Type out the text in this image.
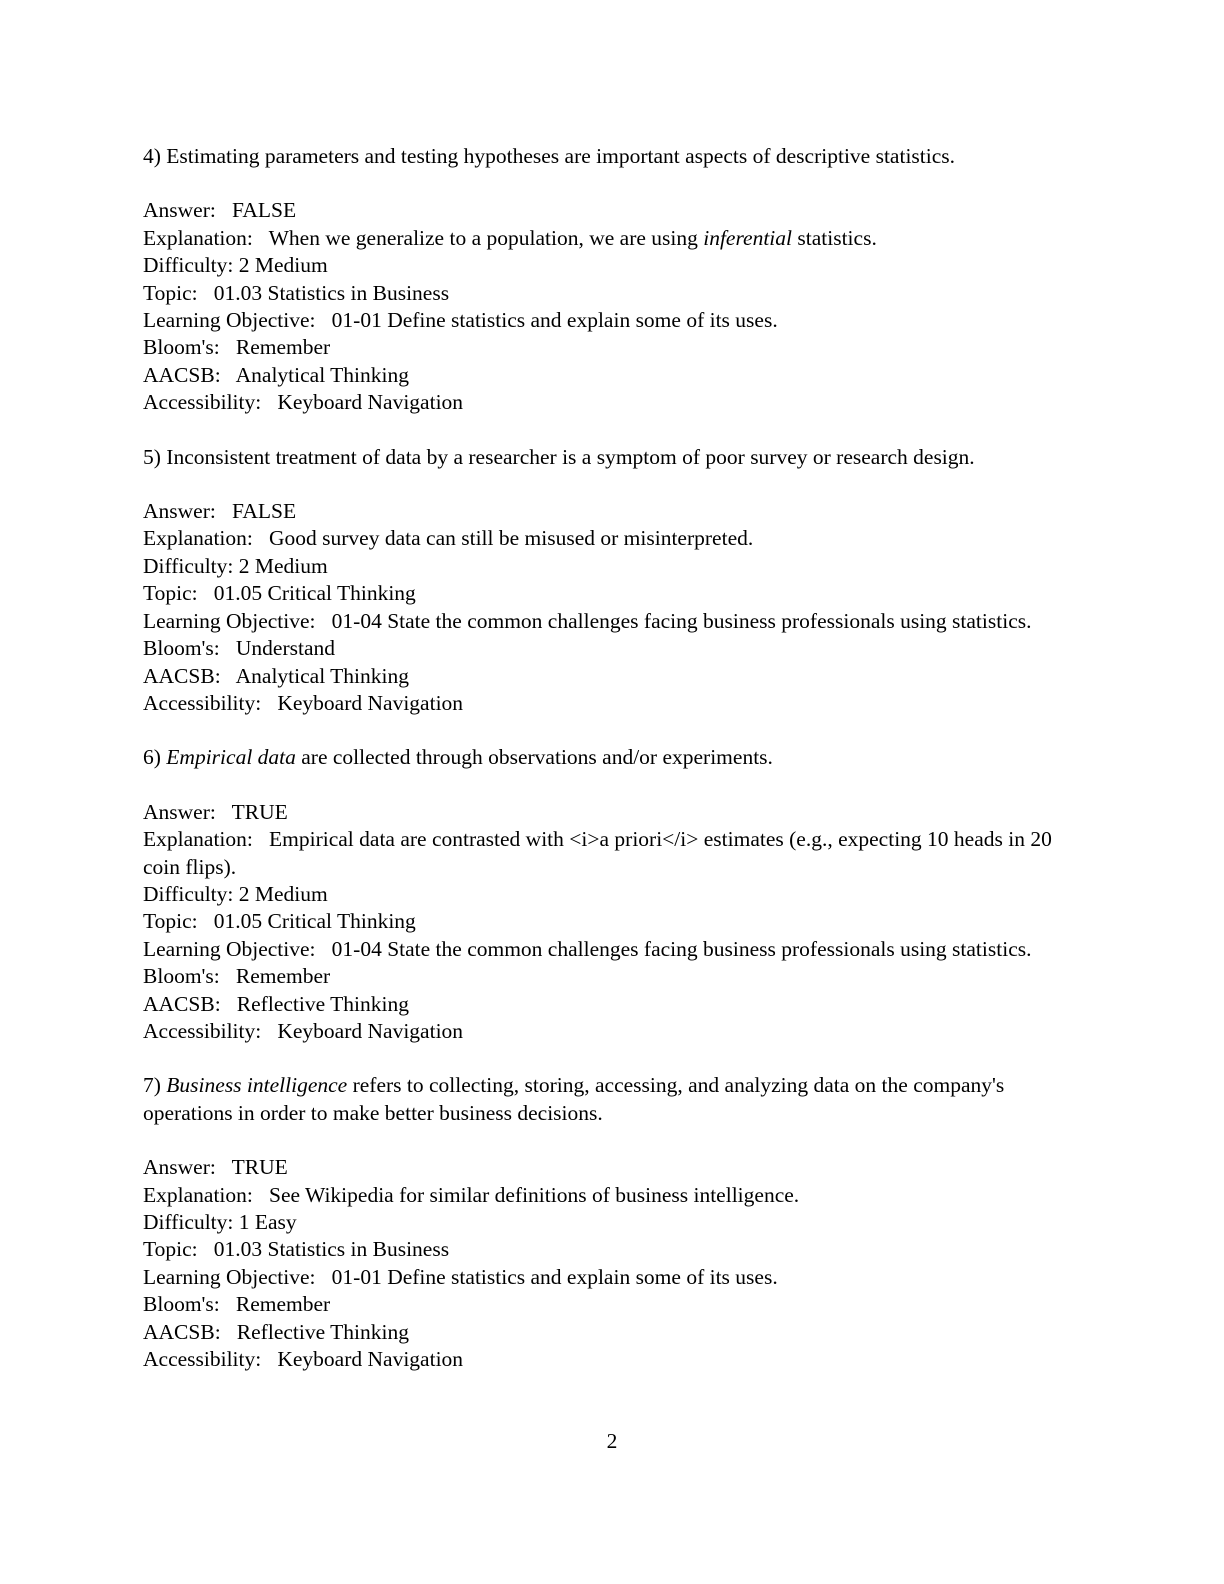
4) Estimating parameters and testing hypotheses are important aspects of descriptive statistics.
Answer: FALSE
Explanation: When we generalize to a population, we are using inferential statistics.
Difficulty: 2 Medium
Topic: 01.03 Statistics in Business
Learning Objective: 01-01 Define statistics and explain some of its uses.
Bloom's: Remember
AACSB: Analytical Thinking
Accessibility: Keyboard Navigation
5) Inconsistent treatment of data by a researcher is a symptom of poor survey or research design.
Answer: FALSE
Explanation: Good survey data can still be misused or misinterpreted.
Difficulty: 2 Medium
Topic: 01.05 Critical Thinking
Learning Objective: 01-04 State the common challenges facing business professionals using statistics.
Bloom's: Understand
AACSB: Analytical Thinking
Accessibility: Keyboard Navigation
6) Empirical data are collected through observations and/or experiments.
Answer: TRUE
Explanation: Empirical data are contrasted with <i>a priori</i> estimates (e.g., expecting 10 heads in 20 coin flips).
Difficulty: 2 Medium
Topic: 01.05 Critical Thinking
Learning Objective: 01-04 State the common challenges facing business professionals using statistics.
Bloom's: Remember
AACSB: Reflective Thinking
Accessibility: Keyboard Navigation
7) Business intelligence refers to collecting, storing, accessing, and analyzing data on the company's operations in order to make better business decisions.
Answer: TRUE
Explanation: See Wikipedia for similar definitions of business intelligence.
Difficulty: 1 Easy
Topic: 01.03 Statistics in Business
Learning Objective: 01-01 Define statistics and explain some of its uses.
Bloom's: Remember
AACSB: Reflective Thinking
Accessibility: Keyboard Navigation
2
